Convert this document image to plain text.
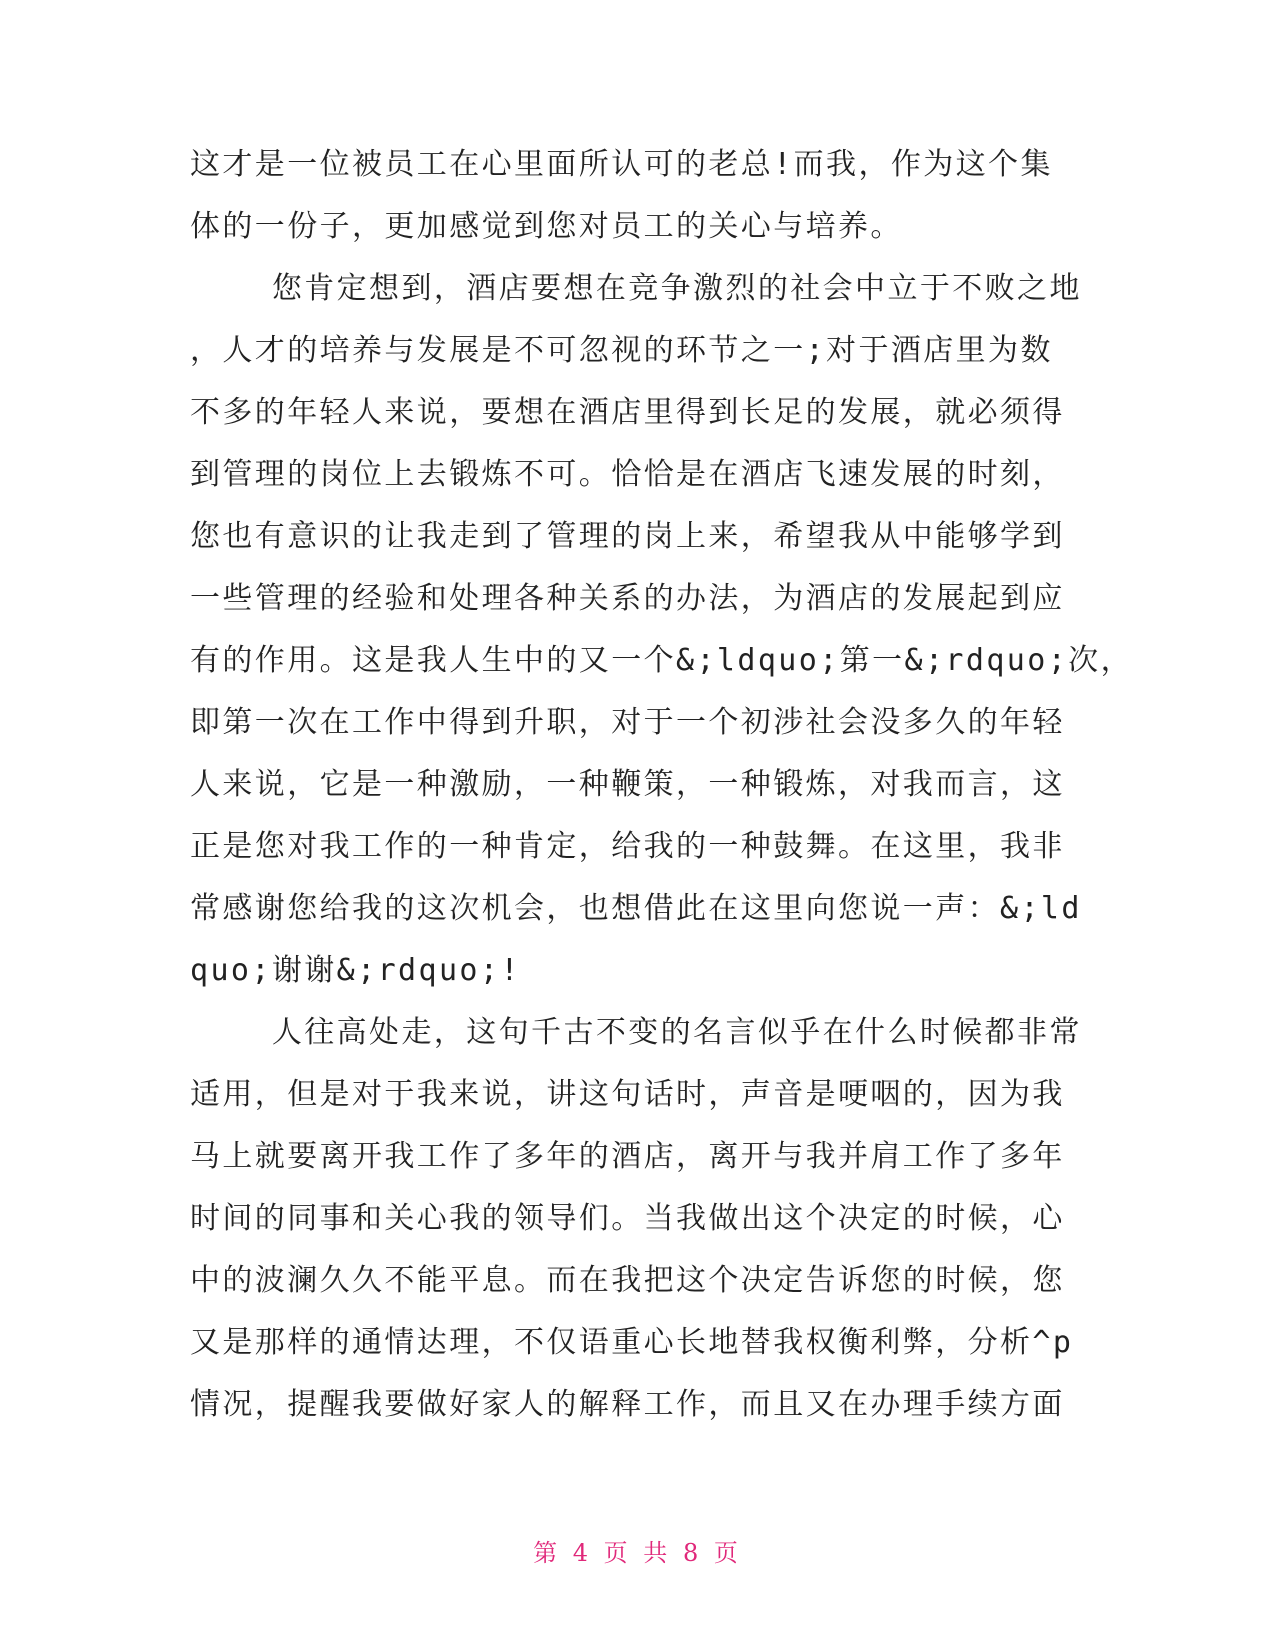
这才是一位被员工在心里面所认可的老总!而我，作为这个集
体的一份子，更加感觉到您对员工的关心与培养。
您肯定想到，酒店要想在竞争激烈的社会中立于不败之地
，人才的培养与发展是不可忽视的环节之一;对于酒店里为数
不多的年轻人来说，要想在酒店里得到长足的发展，就必须得
到管理的岗位上去锻炼不可。恰恰是在酒店飞速发展的时刻，
您也有意识的让我走到了管理的岗上来，希望我从中能够学到
一些管理的经验和处理各种关系的办法，为酒店的发展起到应
有的作用。这是我人生中的又一个&;ldquo;第一&;rdquo;次，
即第一次在工作中得到升职，对于一个初涉社会没多久的年轻
人来说，它是一种激励，一种鞭策，一种锻炼，对我而言，这
正是您对我工作的一种肯定，给我的一种鼓舞。在这里，我非
常感谢您给我的这次机会，也想借此在这里向您说一声：&;ld
quo;谢谢&;rdquo;!
人往高处走，这句千古不变的名言似乎在什么时候都非常
适用，但是对于我来说，讲这句话时，声音是哽咽的，因为我
马上就要离开我工作了多年的酒店，离开与我并肩工作了多年
时间的同事和关心我的领导们。当我做出这个决定的时候，心
中的波澜久久不能平息。而在我把这个决定告诉您的时候，您
又是那样的通情达理，不仅语重心长地替我权衡利弊，分析^p
情况，提醒我要做好家人的解释工作，而且又在办理手续方面
第 4 页 共 8 页
